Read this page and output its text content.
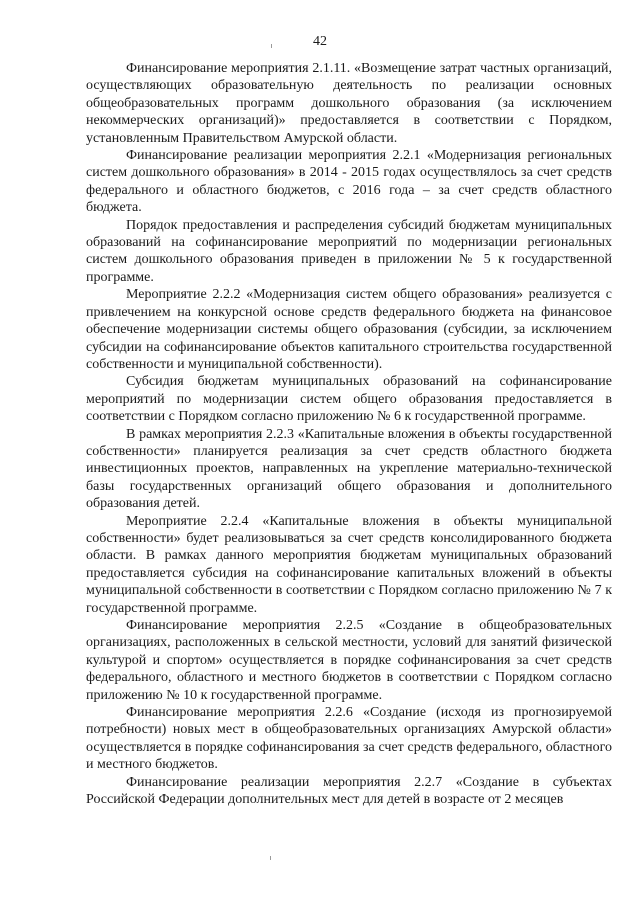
42

Финансирование мероприятия 2.1.11. «Возмещение затрат частных организаций, осуществляющих образовательную деятельность по реализации основных общеобразовательных программ дошкольного образования (за исключением некоммерческих организаций)» предоставляется в соответствии с Порядком, установленным Правительством Амурской области.

Финансирование реализации мероприятия 2.2.1 «Модернизация региональных систем дошкольного образования» в 2014 - 2015 годах осуществлялось за счет средств федерального и областного бюджетов, с 2016 года – за счет средств областного бюджета.

Порядок предоставления и распределения субсидий бюджетам муниципальных образований на софинансирование мероприятий по модернизации региональных систем дошкольного образования приведен в приложении № 5 к государственной программе.

Мероприятие 2.2.2 «Модернизация систем общего образования» реализуется с привлечением на конкурсной основе средств федерального бюджета на финансовое обеспечение модернизации системы общего образования (субсидии, за исключением субсидии на софинансирование объектов капитального строительства государственной собственности и муниципальной собственности).

Субсидия бюджетам муниципальных образований на софинансирование мероприятий по модернизации систем общего образования предоставляется в соответствии с Порядком согласно приложению № 6 к государственной программе.

В рамках мероприятия 2.2.3 «Капитальные вложения в объекты государственной собственности» планируется реализация за счет средств областного бюджета инвестиционных проектов, направленных на укрепление материально-технической базы государственных организаций общего образования и дополнительного образования детей.

Мероприятие 2.2.4 «Капитальные вложения в объекты муниципальной собственности» будет реализовываться за счет средств консолидированного бюджета области. В рамках данного мероприятия бюджетам муниципальных образований предоставляется субсидия на софинансирование капитальных вложений в объекты муниципальной собственности в соответствии с Порядком согласно приложению № 7 к государственной программе.

Финансирование мероприятия 2.2.5 «Создание в общеобразовательных организациях, расположенных в сельской местности, условий для занятий физической культурой и спортом» осуществляется в порядке софинансирования за счет средств федерального, областного и местного бюджетов в соответствии с Порядком согласно приложению № 10 к государственной программе.

Финансирование мероприятия 2.2.6 «Создание (исходя из прогнозируемой потребности) новых мест в общеобразовательных организациях Амурской области» осуществляется в порядке софинансирования за счет средств федерального, областного и местного бюджетов.

Финансирование реализации мероприятия 2.2.7 «Создание в субъектах Российской Федерации дополнительных мест для детей в возрасте от 2 месяцев
